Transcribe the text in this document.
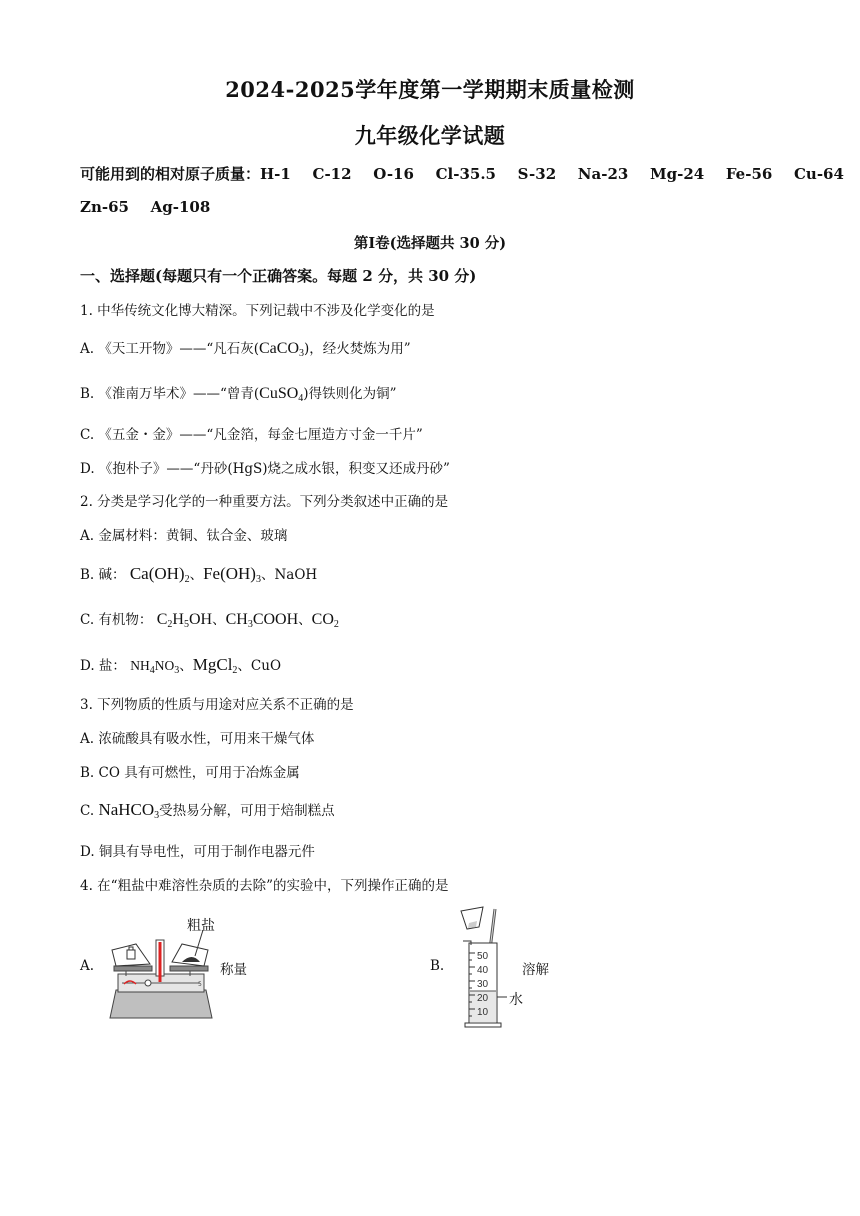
2024-2025学年度第一学期期末质量检测
九年级化学试题
可能用到的相对原子质量：H-1   C-12   O-16   Cl-35.5   S-32   Na-23   Mg-24   Fe-56   Cu-64
Zn-65   Ag-108
第Ⅰ卷(选择题共 30 分)
一、选择题(每题只有一个正确答案。每题 2 分，共 30 分)
1. 中华传统文化博大精深。下列记载中不涉及化学变化的是
A. 《天工开物》——“凡石灰(CaCO$_3$)，经火焚炼为用”
B. 《淮南万毕术》——“曾青(CuSO$_4$)得铁则化为铜”
C. 《五金・金》——“凡金箔，每金七厘造方寸金一千片”
D. 《抱朴子》——“丹砂(HgS)烧之成水银，积变又还成丹砂”
2. 分类是学习化学的一种重要方法。下列分类叙述中正确的是
A. 金属材料：黄铜、钛合金、玻璃
B. 碱： $Ca(OH)_2$、$Fe(OH)_3$、NaOH
C. 有机物： $C_2H_5OH$、$CH_3COOH$、$CO_2$
D. 盐： $NH_4NO_3$、MgCl$_2$、CuO
3. 下列物质的性质与用途对应关系不正确的是
A. 浓硫酸具有吸水性，可用来干燥气体
B. CO 具有可燃性，可用于冶炼金属
C. NaHCO$_3$受热易分解，可用于焙制糕点
D. 铜具有导电性，可用于制作电器元件
4. 在“粗盐中难溶性杂质的去除”的实验中，下列操作正确的是
A.
5
粗盐
称量	B.
50
40
30
20
10
水
溶解
